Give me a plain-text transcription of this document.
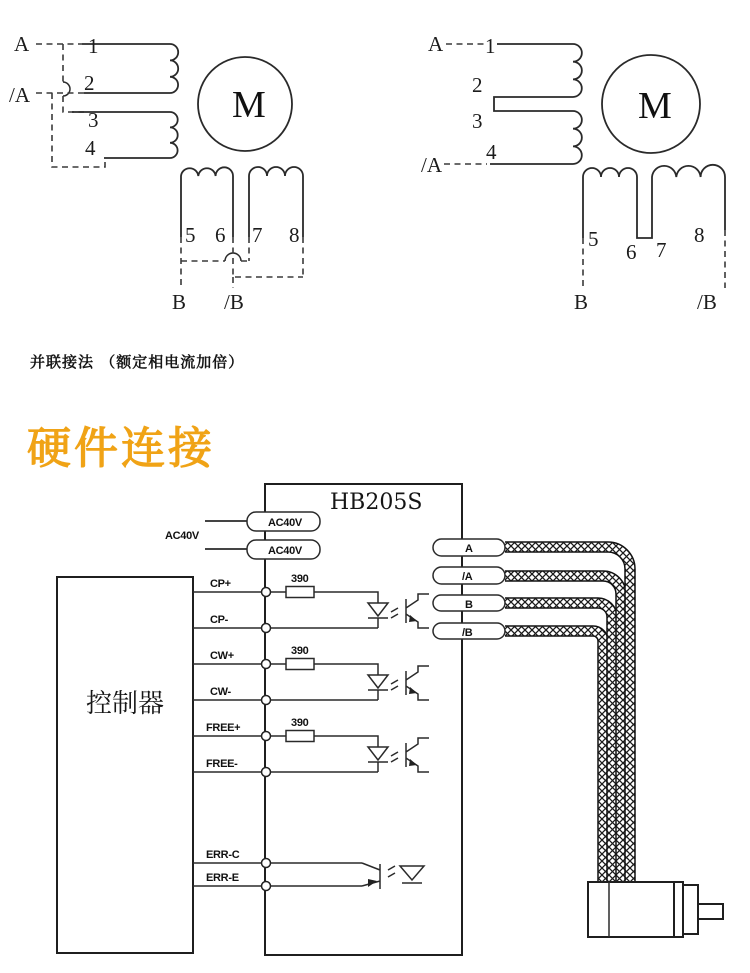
M
A
/A
1
2
3
4
5 6 7 8
B /B
M
A
/A
1
2
3
4
5
6 7
8
B	/B
并联接法 （额定相电流加倍）
硬件连接
控制器
HB205S
AC40V
AC40V
AC40V
390
390
390
CP+
CP-
CW+
CW-
FREE+
FREE-
ERR-C
ERR-E
A
/A
B
/B
